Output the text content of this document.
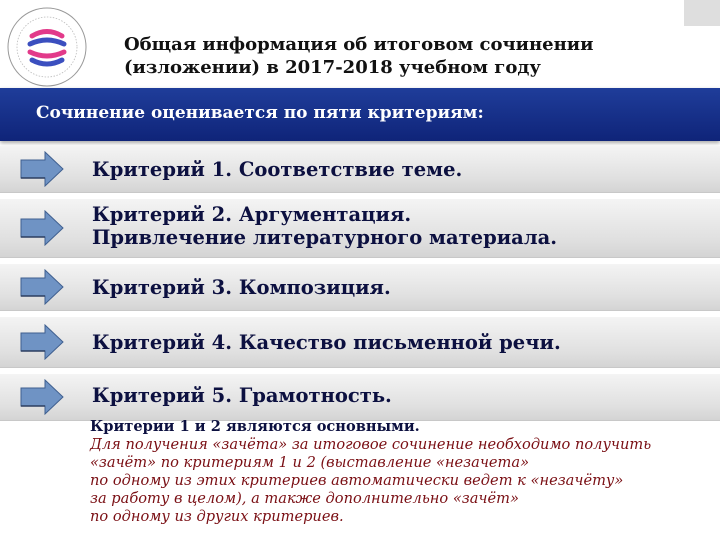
Общая информация об итоговом сочинении
(изложении) в 2017-2018 учебном году
Сочинение оценивается по пяти критериям:
Критерий 1. Соответствие теме.
Критерий 2. Аргументация.
Привлечение литературного материала.
Критерий 3. Композиция.
Критерий 4. Качество письменной речи.
Критерий 5. Грамотность.
Критерии 1 и 2 являются основными.
Для получения «зачёта» за итоговое сочинение необходимо получить
«зачёт» по критериям 1 и 2 (выставление «незачета»
по одному из этих критериев автоматически ведет к «незачёту»
за работу в целом), а также дополнительно «зачёт»
по одному из других критериев.
